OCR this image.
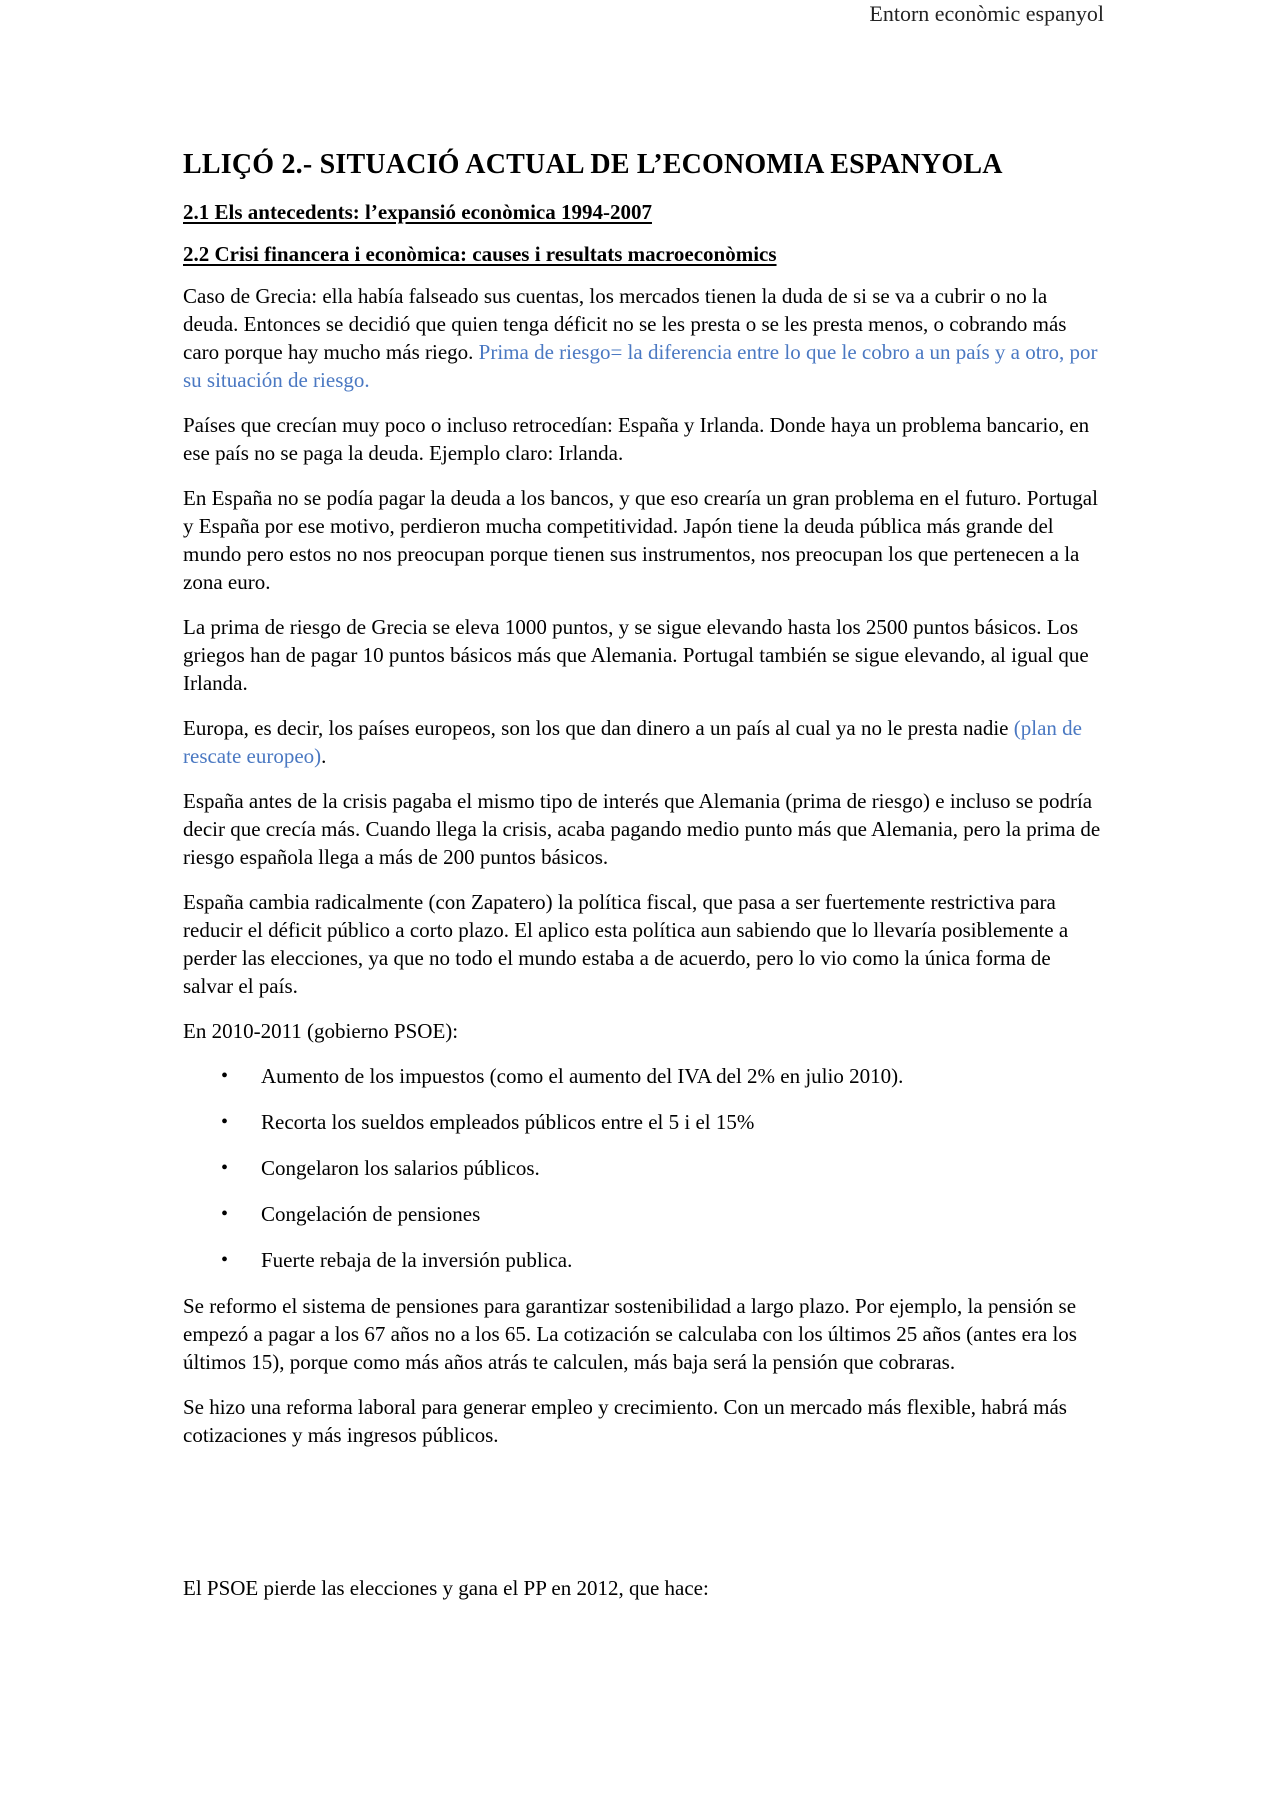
Entorn econòmic espanyol
LLIÇÓ 2.- SITUACIÓ ACTUAL DE L’ECONOMIA ESPANYOLA
2.1 Els antecedents: l’expansió econòmica 1994-2007
2.2 Crisi financera i econòmica: causes i resultats macroeconòmics

Caso de Grecia: ella había falseado sus cuentas, los mercados tienen la duda de si se va a cubrir o no la deuda. Entonces se decidió que quien tenga déficit no se les presta o se les presta menos, o cobrando más caro porque hay mucho más riego. Prima de riesgo= la diferencia entre lo que le cobro a un país y a otro, por su situación de riesgo.

Países que crecían muy poco o incluso retrocedían: España y Irlanda. Donde haya un problema bancario, en ese país no se paga la deuda. Ejemplo claro: Irlanda.

En España no se podía pagar la deuda a los bancos, y que eso crearía un gran problema en el futuro. Portugal y España por ese motivo, perdieron mucha competitividad. Japón tiene la deuda pública más grande del mundo pero estos no nos preocupan porque tienen sus instrumentos, nos preocupan los que pertenecen a la zona euro.

La prima de riesgo de Grecia se eleva 1000 puntos, y se sigue elevando hasta los 2500 puntos básicos. Los griegos han de pagar 10 puntos básicos más que Alemania. Portugal también se sigue elevando, al igual que Irlanda.

Europa, es decir, los países europeos, son los que dan dinero a un país al cual ya no le presta nadie (plan de rescate europeo).

España antes de la crisis pagaba el mismo tipo de interés que Alemania (prima de riesgo) e incluso se podría decir que crecía más. Cuando llega la crisis, acaba pagando medio punto más que Alemania, pero la prima de riesgo española llega a más de 200 puntos básicos.

España cambia radicalmente (con Zapatero) la política fiscal, que pasa a ser fuertemente restrictiva para reducir el déficit público a corto plazo. El aplico esta política aun sabiendo que lo llevaría posiblemente a perder las elecciones, ya que no todo el mundo estaba a de acuerdo, pero lo vio como la única forma de salvar el país.

En 2010-2011 (gobierno PSOE):

• Aumento de los impuestos (como el aumento del IVA del 2% en julio 2010).
• Recorta los sueldos empleados públicos entre el 5 i el 15%
• Congelaron los salarios públicos.
• Congelación de pensiones
• Fuerte rebaja de la inversión publica.

Se reformo el sistema de pensiones para garantizar sostenibilidad a largo plazo. Por ejemplo, la pensión se empezó a pagar a los 67 años no a los 65. La cotización se calculaba con los últimos 25 años (antes era los últimos 15), porque como más años atrás te calculen, más baja será la pensión que cobraras.

Se hizo una reforma laboral para generar empleo y crecimiento. Con un mercado más flexible, habrá más cotizaciones y más ingresos públicos.

El PSOE pierde las elecciones y gana el PP en 2012, que hace:
